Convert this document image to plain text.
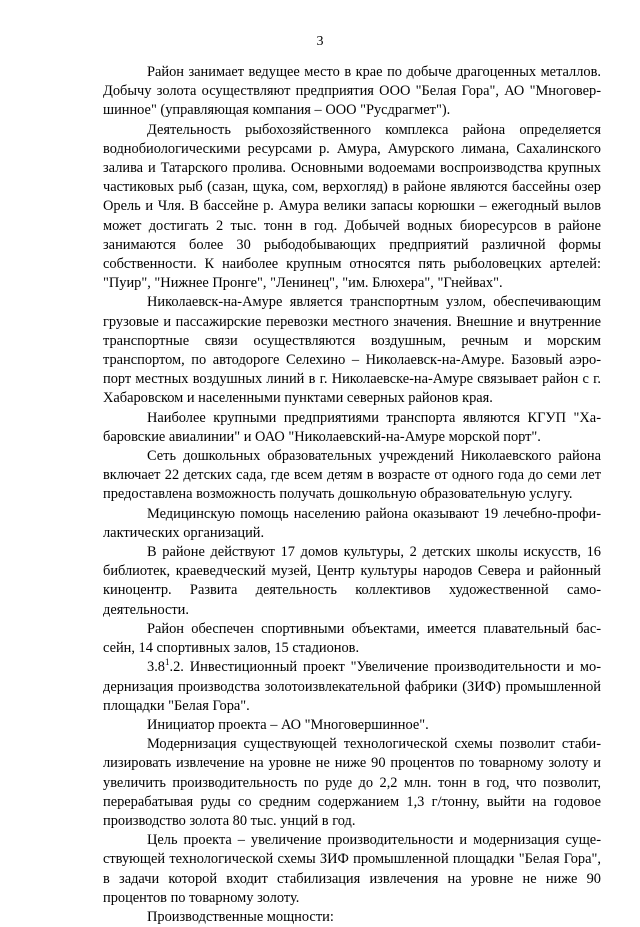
3

Район занимает ведущее место в крае по добыче драгоценных металлов. Добычу золота осуществляют предприятия ООО "Белая Гора", АО "Многовершинное" (управляющая компания – ООО "Русдрагмет").

Деятельность рыбохозяйственного комплекса района определяется воднобиологическими ресурсами р. Амура, Амурского лимана, Сахалинского залива и Татарского пролива. Основными водоемами воспроизводства крупных частиковых рыб (сазан, щука, сом, верхогляд) в районе являются бассейны озер Орель и Чля. В бассейне р. Амура велики запасы корюшки – ежегодный вылов может достигать 2 тыс. тонн в год. Добычей водных биоресурсов в районе занимаются более 30 рыбодобывающих предприятий различной формы собственности. К наиболее крупным относятся пять рыболовецких артелей: "Пуир", "Нижнее Пронге", "Ленинец", "им. Блюхера", "Гнейвах".

Николаевск-на-Амуре является транспортным узлом, обеспечивающим грузовые и пассажирские перевозки местного значения. Внешние и внутренние транспортные связи осуществляются воздушным, речным и морским транспортом, по автодороге Селехино – Николаевск-на-Амуре. Базовый аэропорт местных воздушных линий в г. Николаевске-на-Амуре связывает район с г. Хабаровском и населенными пунктами северных районов края.

Наиболее крупными предприятиями транспорта являются КГУП "Хабаровские авиалинии" и ОАО "Николаевский-на-Амуре морской порт".

Сеть дошкольных образовательных учреждений Николаевского района включает 22 детских сада, где всем детям в возрасте от одного года до семи лет предоставлена возможность получать дошкольную образовательную услугу.

Медицинскую помощь населению района оказывают 19 лечебно-профилактических организаций.

В районе действуют 17 домов культуры, 2 детских школы искусств, 16 библиотек, краеведческий музей, Центр культуры народов Севера и районный киноцентр. Развита деятельность коллективов художественной самодеятельности.

Район обеспечен спортивными объектами, имеется плавательный бассейн, 14 спортивных залов, 15 стадионов.

$3.8^1.2$. Инвестиционный проект "Увеличение производительности и модернизация производства золотоизвлекательной фабрики (ЗИФ) промышленной площадки "Белая Гора".

Инициатор проекта – АО "Многовершинное".

Модернизация существующей технологической схемы позволит стабилизировать извлечение на уровне не ниже 90 процентов по товарному золоту и увеличить производительность по руде до 2,2 млн. тонн в год, что позволит, перерабатывая руды со средним содержанием 1,3 г/тонну, выйти на годовое производство золота 80 тыс. унций в год.

Цель проекта – увеличение производительности и модернизация существующей технологической схемы ЗИФ промышленной площадки "Белая Гора", в задачи которой входит стабилизация извлечения на уровне не ниже 90 процентов по товарному золоту.

Производственные мощности:
